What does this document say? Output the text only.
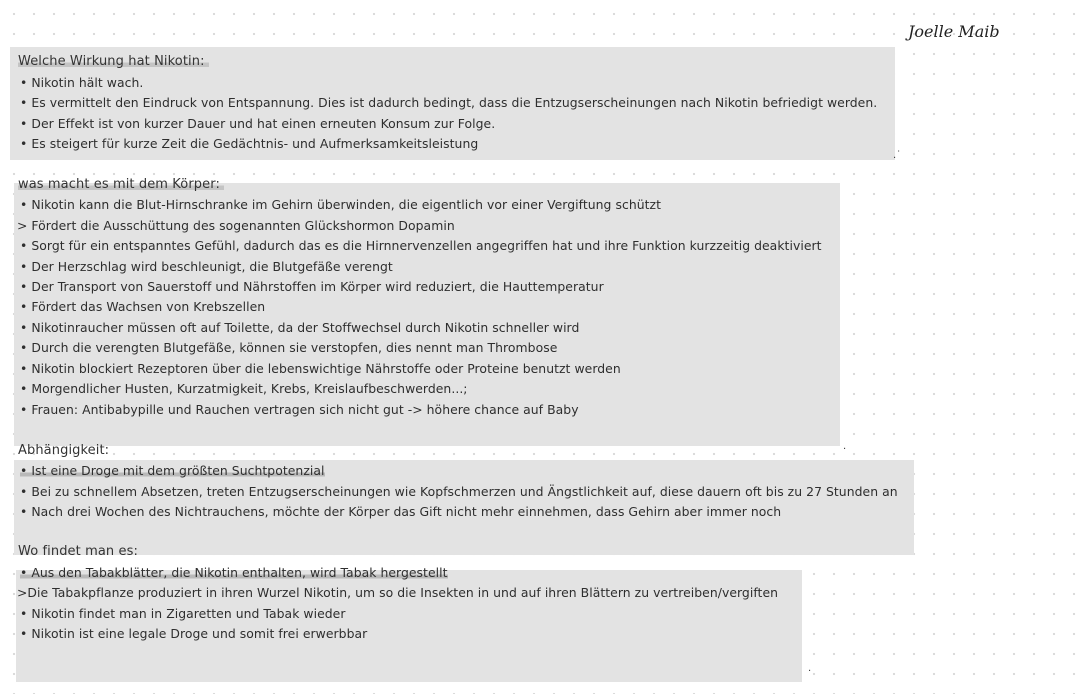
Joelle Maib
Welche Wirkung hat Nikotin:
• Nikotin hält wach.
• Es vermittelt den Eindruck von Entspannung. Dies ist dadurch bedingt, dass die Entzugserscheinungen nach Nikotin befriedigt werden.
• Der Effekt ist von kurzer Dauer und hat einen erneuten Konsum zur Folge.
• Es steigert für kurze Zeit die Gedächtnis- und Aufmerksamkeitsleistung
.˙
was macht es mit dem Körper:
• Nikotin kann die Blut-Hirnschranke im Gehirn überwinden, die eigentlich vor einer Vergiftung schützt
> Fördert die Ausschüttung des sogenannten Glückshormon Dopamin
• Sorgt für ein entspanntes Gefühl, dadurch das es die Hirnnervenzellen angegriffen hat und ihre Funktion kurzzeitig deaktiviert
• Der Herzschlag wird beschleunigt, die Blutgefäße verengt
• Der Transport von Sauerstoff und Nährstoffen im Körper wird reduziert, die Hauttemperatur
• Fördert das Wachsen von Krebszellen
• Nikotinraucher müssen oft auf Toilette, da der Stoffwechsel durch Nikotin schneller wird
• Durch die verengten Blutgefäße, können sie verstopfen, dies nennt man Thrombose
• Nikotin blockiert Rezeptoren über die lebenswichtige Nährstoffe oder Proteine benutzt werden
• Morgendlicher Husten, Kurzatmigkeit, Krebs, Kreislaufbeschwerden...;
• Frauen: Antibabypille und Rauchen vertragen sich nicht gut -> höhere chance auf Baby
Abhängigkeit:	·
• Ist eine Droge mit dem größten Suchtpotenzial
• Bei zu schnellem Absetzen, treten Entzugserscheinungen wie Kopfschmerzen und Ängstlichkeit auf, diese dauern oft bis zu 27 Stunden an
• Nach drei Wochen des Nichtrauchens, möchte der Körper das Gift nicht mehr einnehmen, dass Gehirn aber immer noch
Wo findet man es:
• Aus den Tabakblätter, die Nikotin enthalten, wird Tabak hergestellt
>Die Tabakpflanze produziert in ihren Wurzel Nikotin, um so die Insekten in und auf ihren Blättern zu vertreiben/vergiften
• Nikotin findet man in Zigaretten und Tabak wieder
• Nikotin ist eine legale Droge und somit frei erwerbbar
·
